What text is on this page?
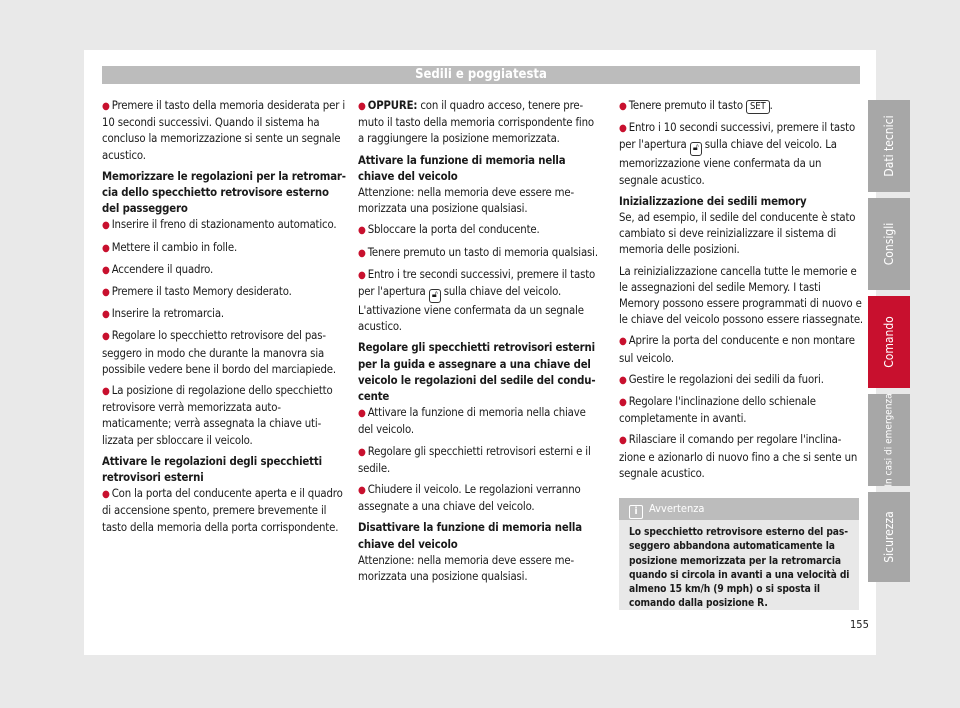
Sedili e poggiatesta

● Premere il tasto della memoria desiderata per i 10 secondi successivi. Quando il sistema ha concluso la memorizzazione si sente un segnale acustico.

Memorizzare le regolazioni per la retromarcia dello specchietto retrovisore esterno del passeggero

● Inserire il freno di stazionamento automatico.

● Mettere il cambio in folle.

● Accendere il quadro.

● Premere il tasto Memory desiderato.

● Inserire la retromarcia.

● Regolare lo specchietto retrovisore del passeggero in modo che durante la manovra sia possibile vedere bene il bordo del marciapiede.

● La posizione di regolazione dello specchietto retrovisore verrà memorizzata automaticamente; verrà assegnata la chiave utilizzata per sbloccare il veicolo.

Attivare le regolazioni degli specchietti retrovisori esterni

● Con la porta del conducente aperta e il quadro di accensione spento, premere brevemente il tasto della memoria della porta corrispondente.

● OPPURE: con il quadro acceso, tenere premuto il tasto della memoria corrispondente fino a raggiungere la posizione memorizzata.

Attivare la funzione di memoria nella chiave del veicolo

Attenzione: nella memoria deve essere memorizzata una posizione qualsiasi.

● Sbloccare la porta del conducente.

● Tenere premuto un tasto di memoria qualsiasi.

● Entro i tre secondi successivi, premere il tasto per l'apertura 🔓︎ sulla chiave del veicolo. L'attivazione viene confermata da un segnale acustico.

Regolare gli specchietti retrovisori esterni per la guida e assegnare a una chiave del veicolo le regolazioni del sedile del conducente

● Attivare la funzione di memoria nella chiave del veicolo.

● Regolare gli specchietti retrovisori esterni e il sedile.

● Chiudere il veicolo. Le regolazioni verranno assegnate a una chiave del veicolo.

Disattivare la funzione di memoria nella chiave del veicolo

Attenzione: nella memoria deve essere memorizzata una posizione qualsiasi.

● Tenere premuto il tasto SET .

● Entro i 10 secondi successivi, premere il tasto per l'apertura 🔓︎ sulla chiave del veicolo. La memorizzazione viene confermata da un segnale acustico.

Inizializzazione dei sedili memory

Se, ad esempio, il sedile del conducente è stato cambiato si deve reinizializzare il sistema di memoria delle posizioni.

La reinizializzazione cancella tutte le memorie e le assegnazioni del sedile Memory. I tasti Memory possono essere programmati di nuovo e le chiave del veicolo possono essere riassegnate.

● Aprire la porta del conducente e non montare sul veicolo.

● Gestire le regolazioni dei sedili da fuori.

● Regolare l'inclinazione dello schienale completamente in avanti.

● Rilasciare il comando per regolare l'inclinazione e azionarlo di nuovo fino a che si sente un segnale acustico.

i Avvertenza
Lo specchietto retrovisore esterno del passeggero abbandona automaticamente la posizione memorizzata per la retromarcia quando si circola in avanti a una velocità di almeno 15 km/h (9 mph) o si sposta il comando dalla posizione R.
Dati tecnici
Consigli
Comando
In casi di emergenza
Sicurezza
155
